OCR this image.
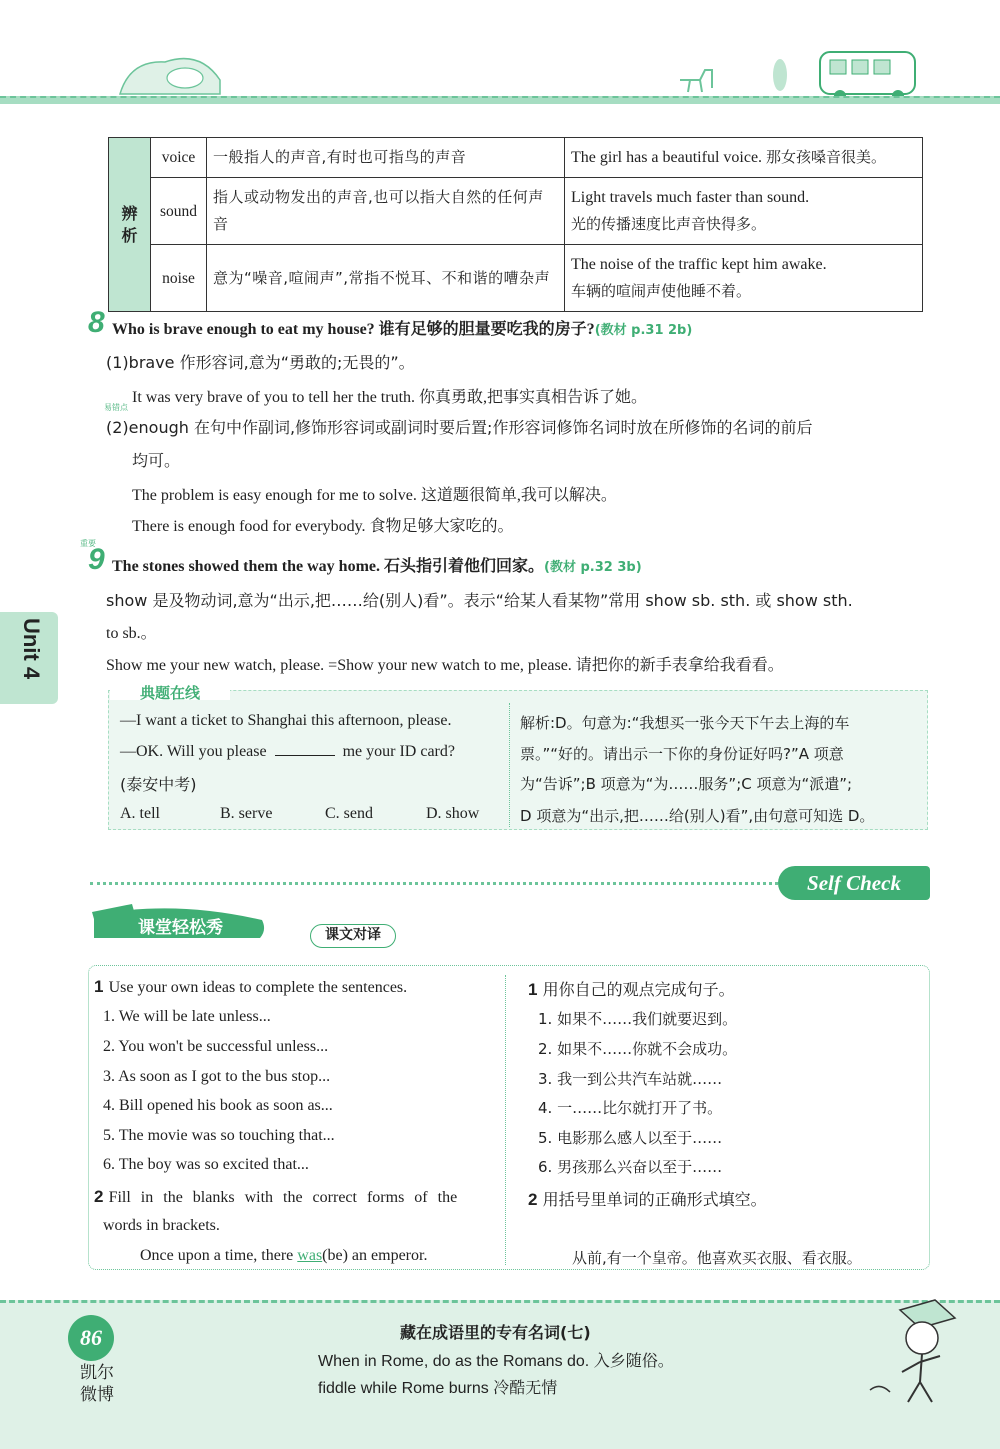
辨析	voice	一般指人的声音,有时也可指鸟的声音	The girl has a beautiful voice. 那女孩嗓音很美。
	sound	指人或动物发出的声音,也可以指大自然的任何声音	Light travels much faster than sound.
光的传播速度比声音快得多。

	noise	意为“噪音,喧闹声”,常指不悦耳、不和谐的嘈杂声	The noise of the traffic kept him awake.
车辆的喧闹声使他睡不着。
8 Who is brave enough to eat my house? 谁有足够的胆量要吃我的房子?(教材 p.31 2b)
(1)brave 作形容词,意为“勇敢的;无畏的”。
It was very brave of you to tell her the truth. 你真勇敢,把事实真相告诉了她。
易错点
(2)enough 在句中作副词,修饰形容词或副词时要后置;作形容词修饰名词时放在所修饰的名词的前后
均可。
The problem is easy enough for me to solve. 这道题很简单,我可以解决。
There is enough food for everybody. 食物足够大家吃的。
重要
9 The stones showed them the way home. 石头指引着他们回家。(教材 p.32 3b)
show 是及物动词,意为“出示,把……给(别人)看”。表示“给某人看某物”常用 show sb. sth. 或 show sth.
to sb.。
Show me your new watch, please. =Show your new watch to me, please. 请把你的新手表拿给我看看。
Unit 4
典题在线
—I want a ticket to Shanghai this afternoon, please.
—OK. Will you please	me your ID card?
(泰安中考)
A. tell	B. serve	C. send	D. show
解析:D。句意为:“我想买一张今天下午去上海的车
票。”“好的。请出示一下你的身份证好吗?”A 项意
为“告诉”;B 项意为“为……服务”;C 项意为“派遣”;
D 项意为“出示,把……给(别人)看”,由句意可知选 D。
Self Check
课堂轻松秀	课文对译
1 Use your own ideas to complete the sentences.
1. We will be late unless...
2. You won't be successful unless...
3. As soon as I got to the bus stop...
4. Bill opened his book as soon as...
5. The movie was so touching that...
6. The boy was so excited that...
2 Fill in the blanks with the correct forms of the
words in brackets.
Once upon a time, there was(be) an emperor.
1 用你自己的观点完成句子。
1. 如果不……我们就要迟到。
2. 如果不……你就不会成功。
3. 我一到公共汽车站就……
4. 一……比尔就打开了书。
5. 电影那么感人以至于……
6. 男孩那么兴奋以至于……
2 用括号里单词的正确形式填空。
从前,有一个皇帝。他喜欢买衣服、看衣服。
86
凯尔微博
藏在成语里的专有名词(七)
When in Rome, do as the Romans do. 入乡随俗。
fiddle while Rome burns 冷酷无情
